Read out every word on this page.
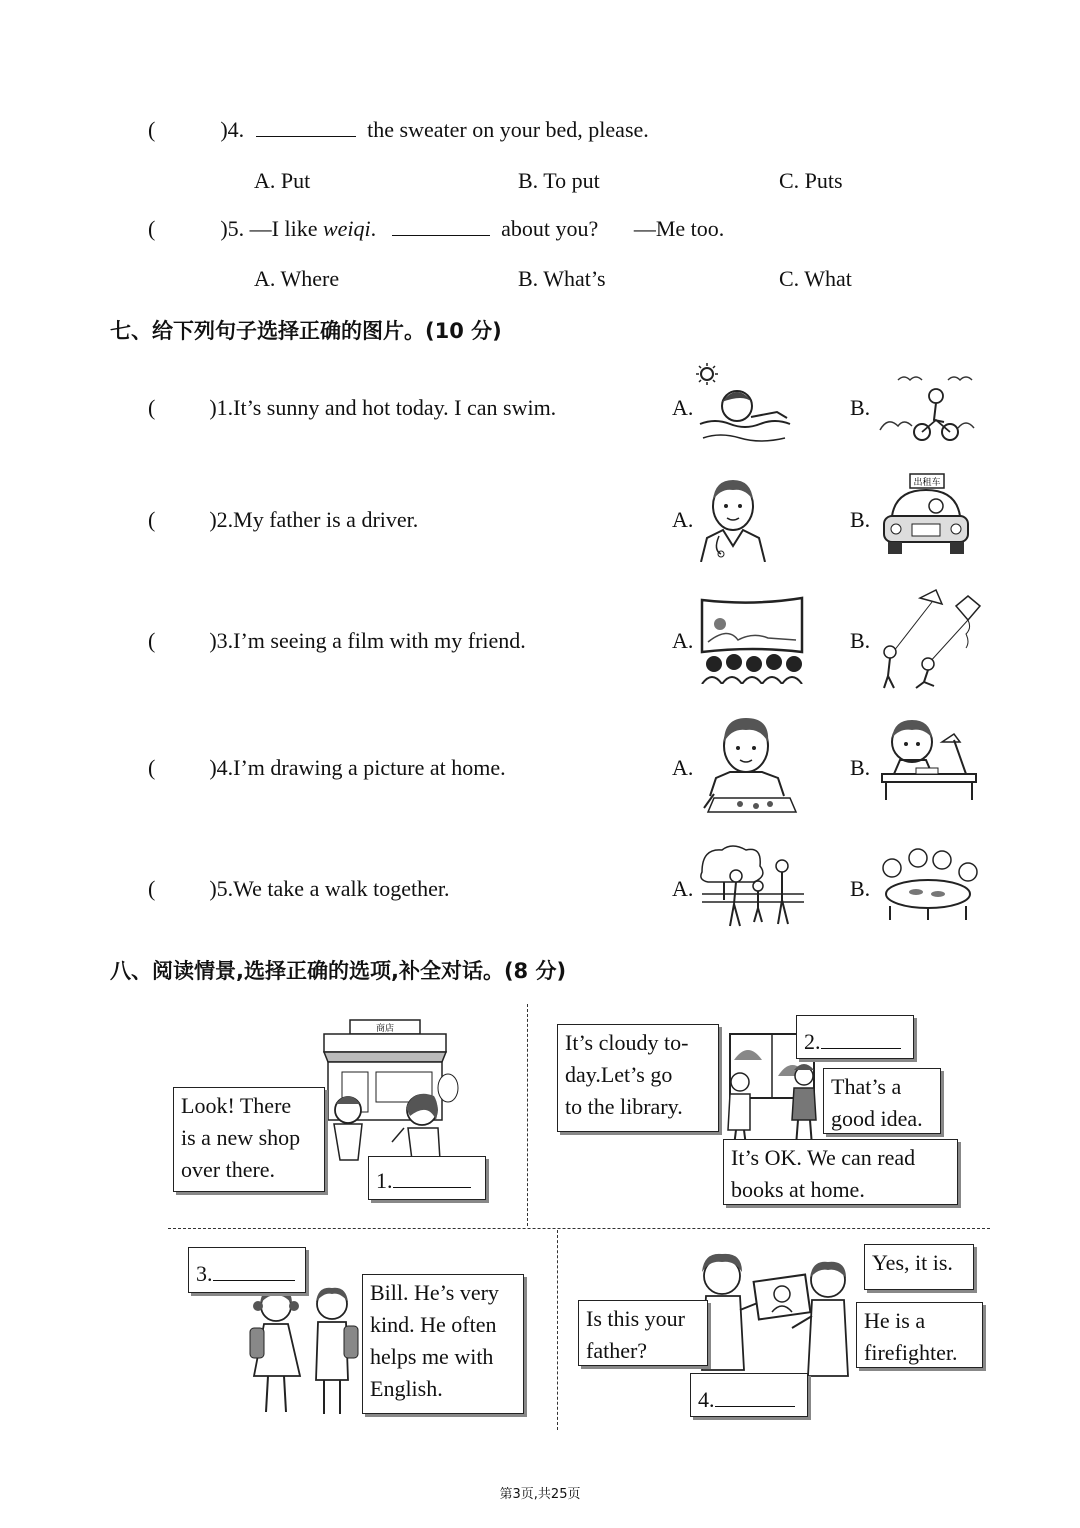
(	)4.	the sweater on your bed, please.
A. Put	B. To put	C. Puts
(	)5. —I like weiqi.	about you? —Me too.
A. Where	B. What’s	C. What
七、给下列句子选择正确的图片。(10 分)
( )1.It’s sunny and hot today. I can swim.	A.	B.
( )2.My father is a driver.	A.	B.
出租车
( )3.I’m seeing a film with my friend.	A.	B.
( )4.I’m drawing a picture at home.	A.	B.
( )5.We take a walk together.	A.	B.
八、阅读情景,选择正确的选项,补全对话。(8 分)
商店
Look! There
is a new shop
over there.	1.
It’s cloudy to-
day.Let’s go
to the library.
2.
That’s a
good idea.
It’s OK. We can read
books at home.
3.
Bill. He’s very
kind. He often
helps me with
English.
Is this your
father?
Yes, it is.
He is a
firefighter.
4.
第3页,共25页
